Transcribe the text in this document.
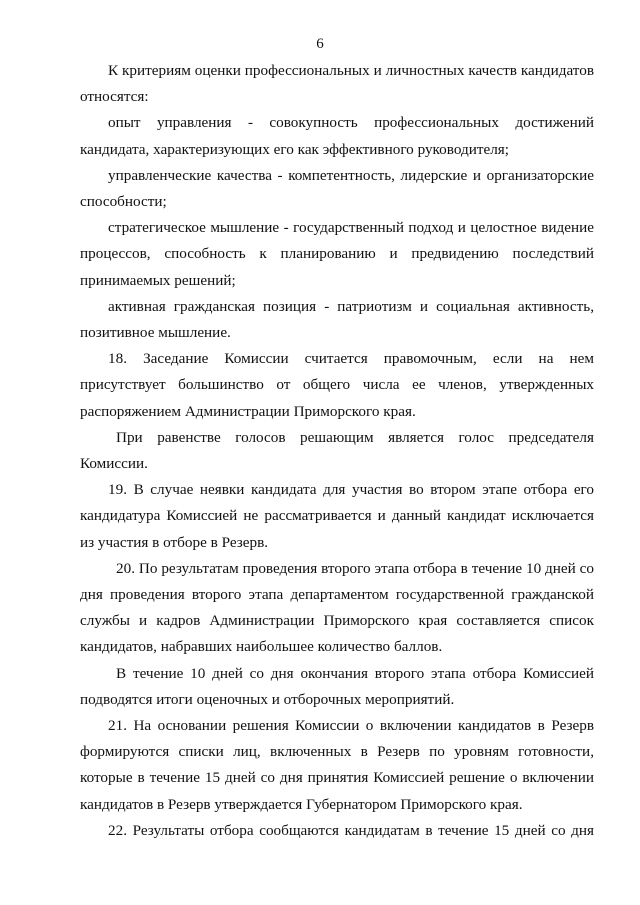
6

К критериям оценки профессиональных и личностных качеств кандидатов относятся:

опыт управления - совокупность профессиональных достижений кандидата, характеризующих его как эффективного руководителя;

управленческие качества - компетентность, лидерские и организаторские способности;

стратегическое мышление - государственный подход и целостное видение процессов, способность к планированию и предвидению последствий принимаемых решений;

активная гражданская позиция - патриотизм и социальная активность, позитивное мышление.

18. Заседание Комиссии считается правомочным, если на нем присутствует большинство от общего числа ее членов, утвержденных распоряжением Администрации Приморского края.

При равенстве голосов решающим является голос председателя Комиссии.

19. В случае неявки кандидата для участия во втором этапе отбора его кандидатура Комиссией не рассматривается и данный кандидат исключается из участия в отборе в Резерв.

20. По результатам проведения второго этапа отбора в течение 10 дней со дня проведения второго этапа департаментом государственной гражданской службы и кадров Администрации Приморского края составляется список кандидатов, набравших наибольшее количество баллов.

В течение 10 дней со дня окончания второго этапа отбора Комиссией подводятся итоги оценочных и отборочных мероприятий.

21. На основании решения Комиссии о включении кандидатов в Резерв формируются списки лиц, включенных в Резерв по уровням готовности, которые в течение 15 дней со дня принятия Комиссией решение о включении кандидатов в Резерв утверждается Губернатором Приморского края.

22. Результаты отбора сообщаются кандидатам в течение 15 дней со дня
